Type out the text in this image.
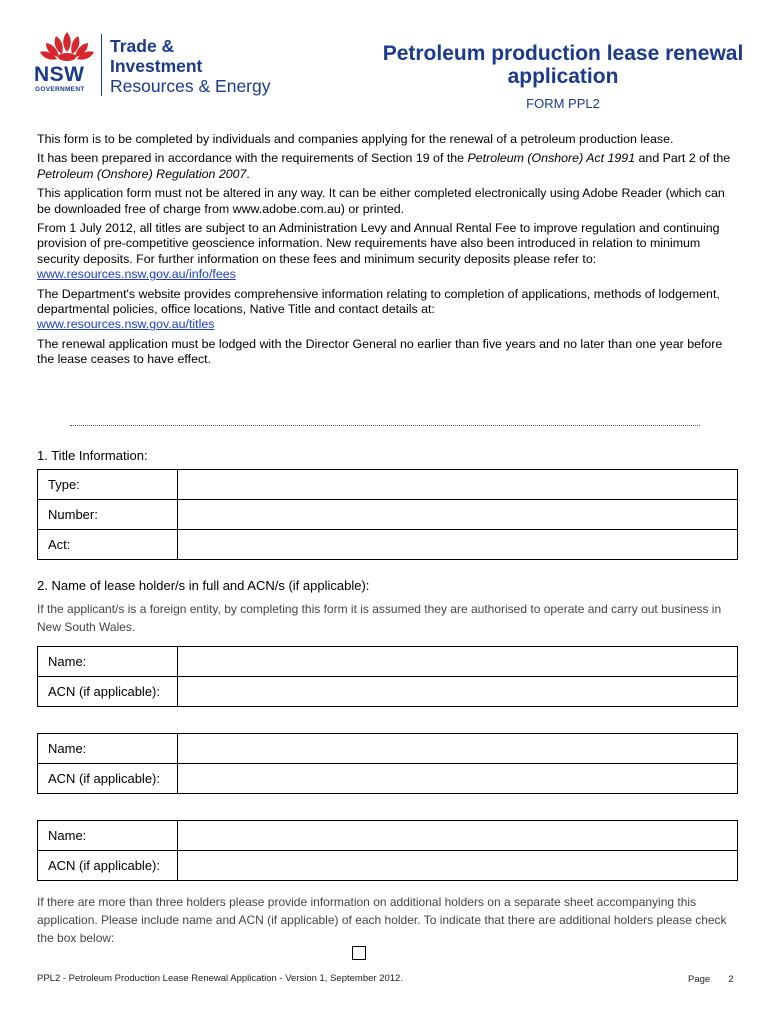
NSW
GOVERNMENT
Trade &
Investment
Resources & Energy
Petroleum production lease renewal application
FORM PPL2

This form is to be completed by individuals and companies applying for the renewal of a petroleum production lease.

It has been prepared in accordance with the requirements of Section 19 of the Petroleum (Onshore) Act 1991 and Part 2 of the Petroleum (Onshore) Regulation 2007.

This application form must not be altered in any way. It can be either completed electronically using Adobe Reader (which can be downloaded free of charge from www.adobe.com.au) or printed.

From 1 July 2012, all titles are subject to an Administration Levy and Annual Rental Fee to improve regulation and continuing provision of pre-competitive geoscience information. New requirements have also been introduced in relation to minimum security deposits. For further information on these fees and minimum security deposits please refer to: www.resources.nsw.gov.au/info/fees

The Department's website provides comprehensive information relating to completion of applications, methods of lodgement, departmental policies, office locations, Native Title and contact details at:
www.resources.nsw.gov.au/titles

The renewal application must be lodged with the Director General no earlier than five years and no later than one year before the lease ceases to have effect.

1. Title Information:
Type:	
Number:	
Act:	
2. Name of lease holder/s in full and ACN/s (if applicable):
If the applicant/s is a foreign entity, by completing this form it is assumed they are authorised to operate and carry out business in New South Wales.
Name:	
ACN (if applicable):	
Name:	
ACN (if applicable):	
Name:	
ACN (if applicable):	
If there are more than three holders please provide information on additional holders on a separate sheet accompanying this application. Please include name and ACN (if applicable) of each holder. To indicate that there are additional holders please check the box below:
PPL2 - Petroleum Production Lease Renewal Application - Version 1, September 2012.	Page 2
